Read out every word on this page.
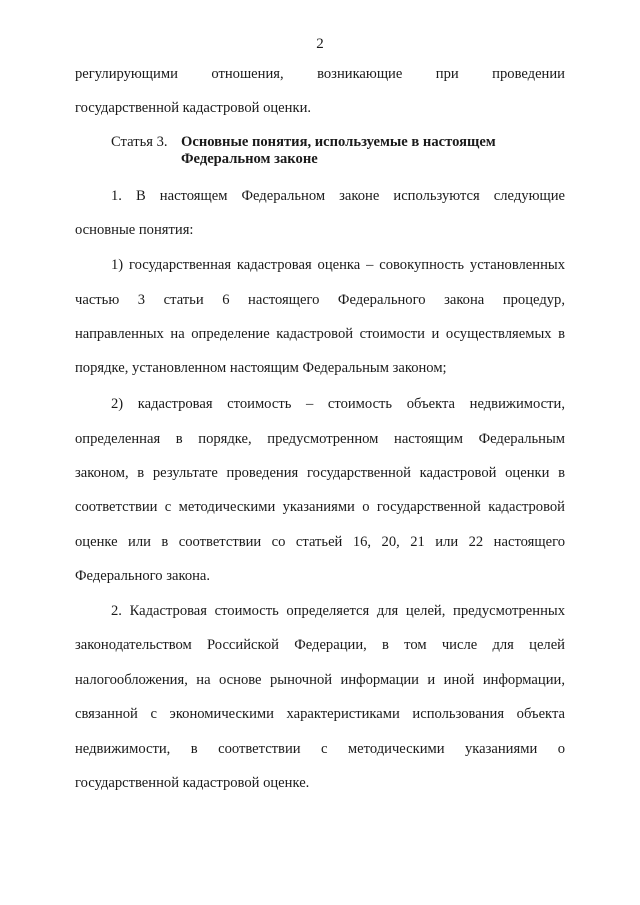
2
регулирующими отношения, возникающие при проведении
государственной кадастровой оценки.
Статья 3. Основные понятия, используемые в настоящем
Федеральном законе
1. В настоящем Федеральном законе используются следующие
основные понятия:
1) государственная кадастровая оценка – совокупность установленных
частью 3 статьи 6 настоящего Федерального закона процедур,
направленных на определение кадастровой стоимости и осуществляемых в
порядке, установленном настоящим Федеральным законом;
2) кадастровая стоимость – стоимость объекта недвижимости,
определенная в порядке, предусмотренном настоящим Федеральным
законом, в результате проведения государственной кадастровой оценки в
соответствии с методическими указаниями о государственной кадастровой
оценке или в соответствии со статьей 16, 20, 21 или 22 настоящего
Федерального закона.
2. Кадастровая стоимость определяется для целей, предусмотренных
законодательством Российской Федерации, в том числе для целей
налогообложения, на основе рыночной информации и иной информации,
связанной с экономическими характеристиками использования объекта
недвижимости, в соответствии с методическими указаниями о
государственной кадастровой оценке.
